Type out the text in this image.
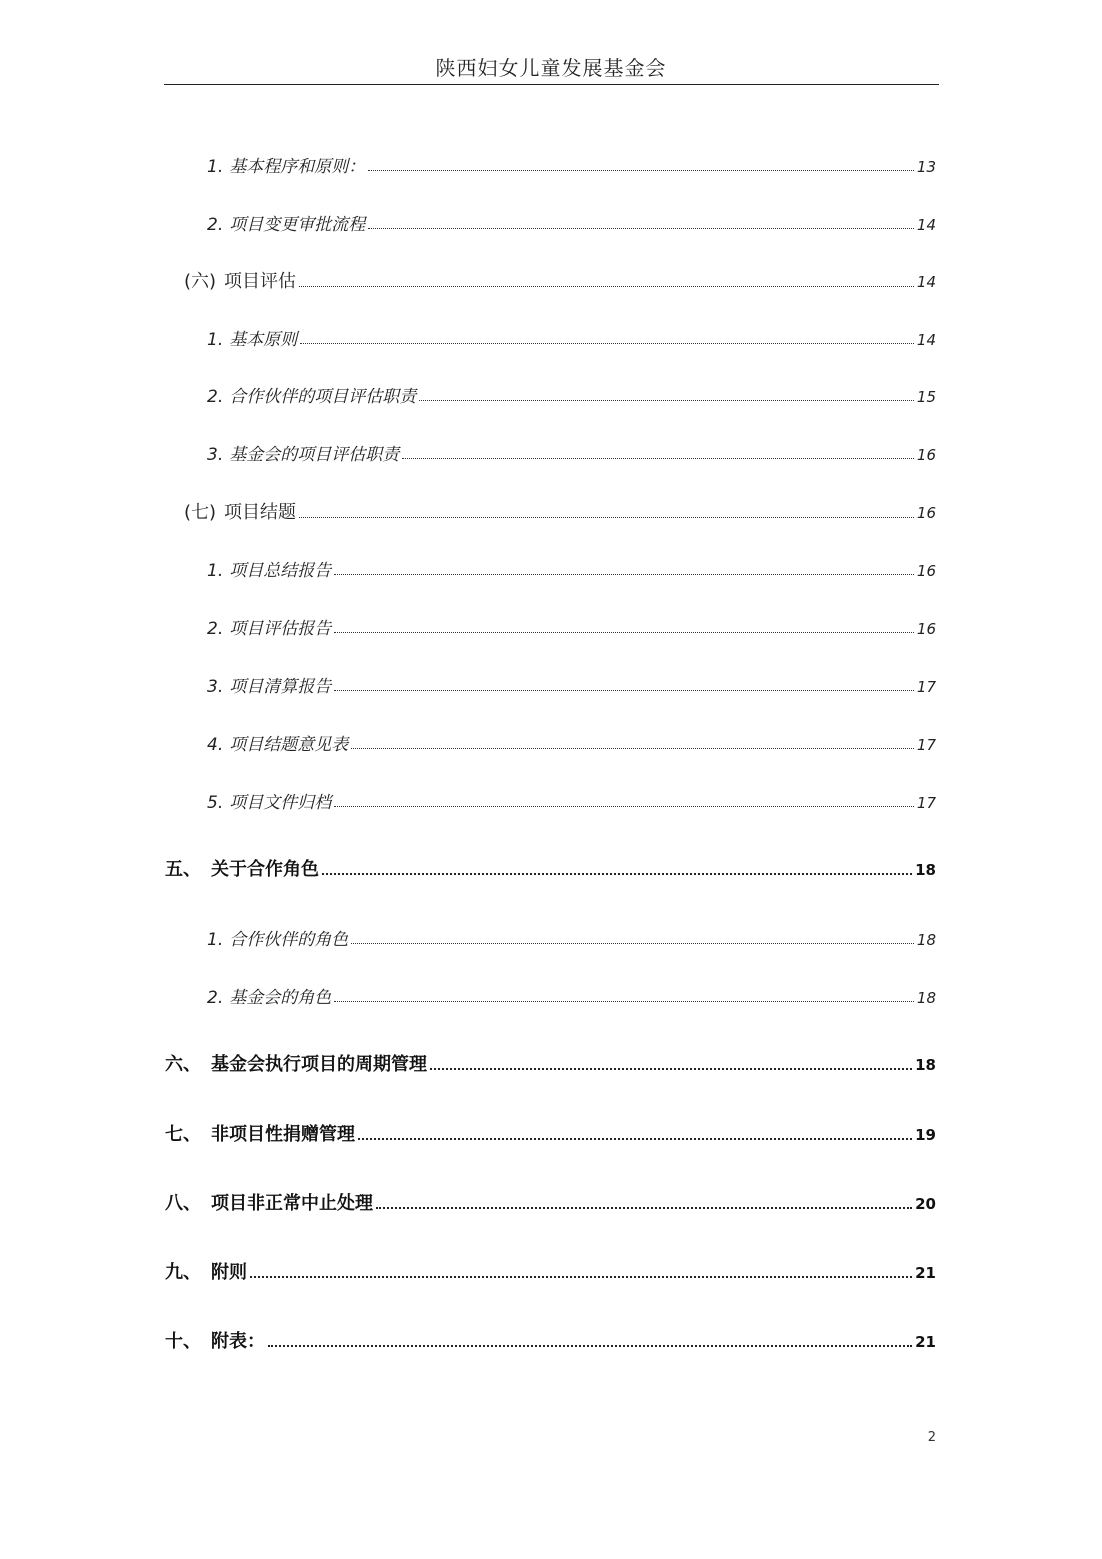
陕西妇女儿童发展基金会
1. 基本程序和原则：	13
2. 项目变更审批流程	14
(六) 项目评估	14
1. 基本原则	14
2. 合作伙伴的项目评估职责	15
3. 基金会的项目评估职责	16
(七) 项目结题	16
1. 项目总结报告	16
2. 项目评估报告	16
3. 项目清算报告	17
4. 项目结题意见表	17
5. 项目文件归档	17
五、 关于合作角色	18
1. 合作伙伴的角色	18
2. 基金会的角色	18
六、 基金会执行项目的周期管理	18
七、 非项目性捐赠管理	19
八、 项目非正常中止处理	20
九、 附则	21
十、 附表：	21
2
